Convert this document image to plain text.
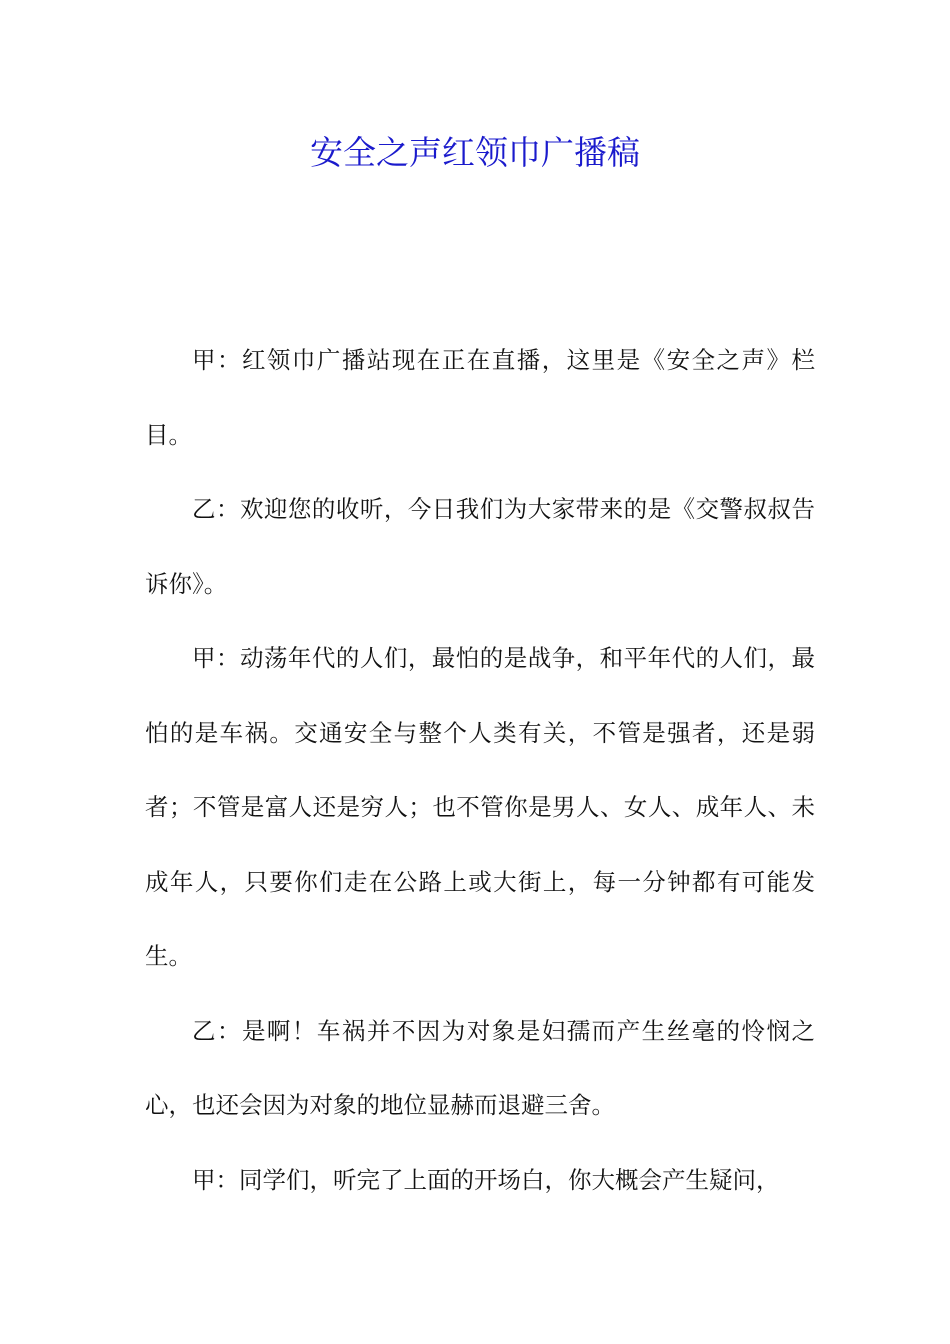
安全之声红领巾广播稿

甲：红领巾广播站现在正在直播，这里是《安全之声》栏目。

乙：欢迎您的收听，今日我们为大家带来的是《交警叔叔告诉你》。

甲：动荡年代的人们，最怕的是战争，和平年代的人们，最怕的是车祸。交通安全与整个人类有关，不管是强者，还是弱者；不管是富人还是穷人；也不管你是男人、女人、成年人、未成年人，只要你们走在公路上或大街上，每一分钟都有可能发生。

乙：是啊！车祸并不因为对象是妇孺而产生丝毫的怜悯之心，也还会因为对象的地位显赫而退避三舍。

甲：同学们，听完了上面的开场白，你大概会产生疑问，
